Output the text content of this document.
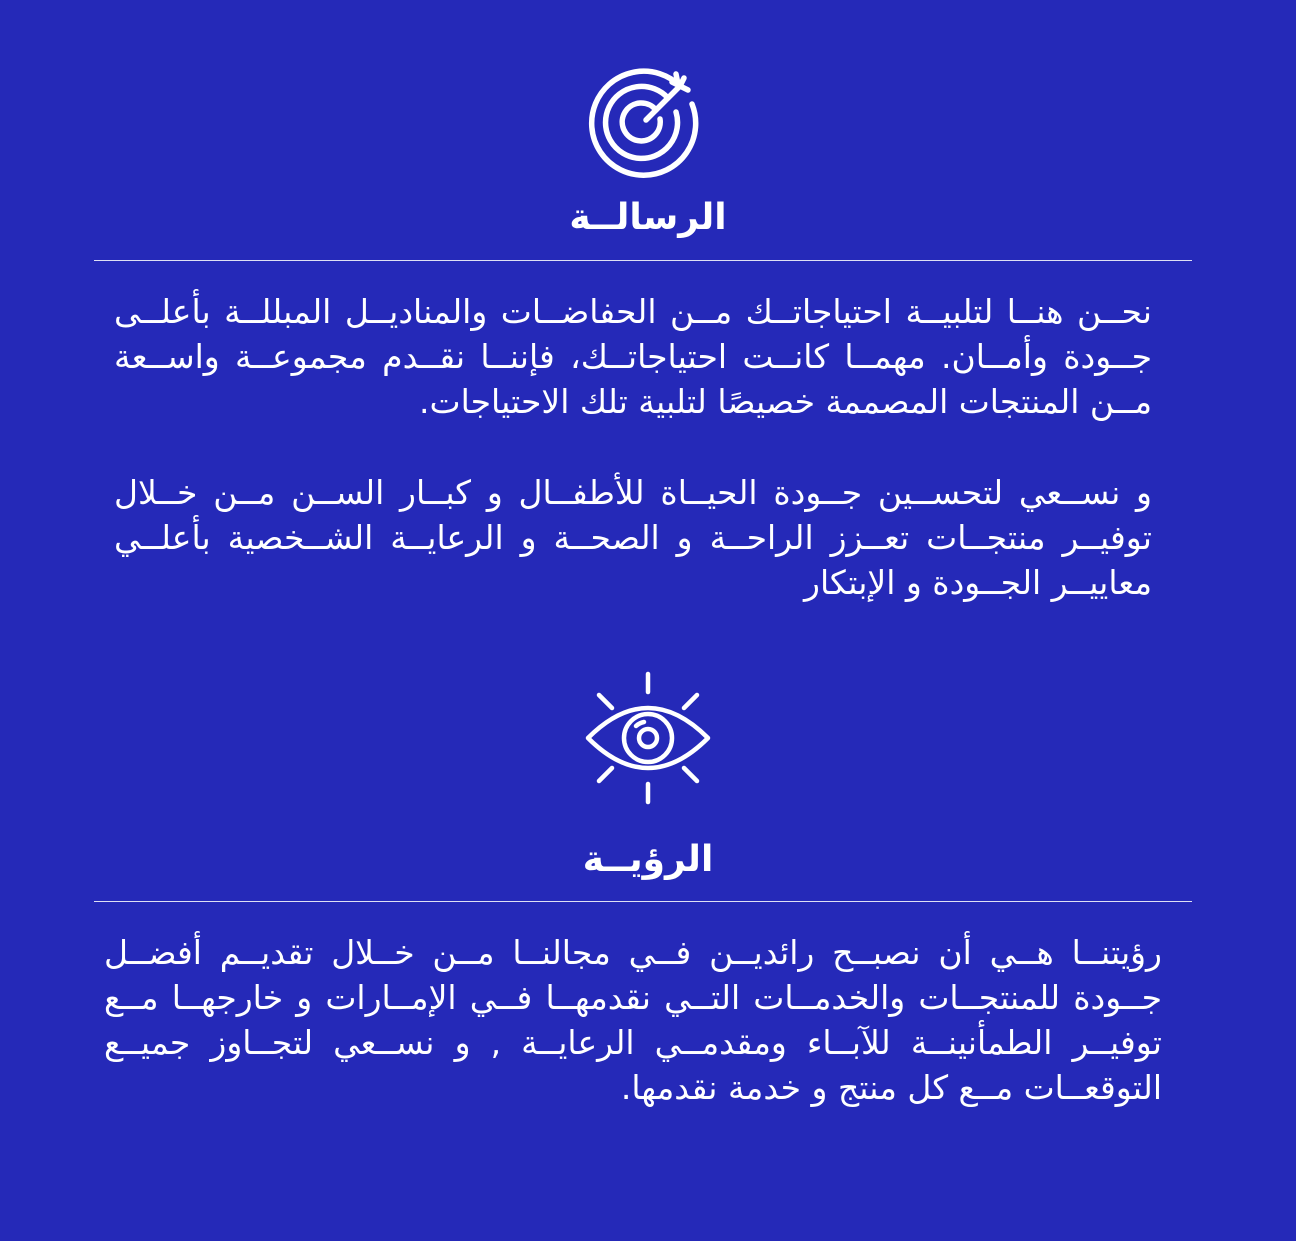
الرسالــة

نحــن هنــا لتلبيــة احتياجاتــك مــن الحفاضــات والمناديــل المبللــة بأعلــى جــودة وأمــان. مهمــا كانــت احتياجاتــك، فإننــا نقــدم مجموعــة واســعة مــن المنتجات المصممة خصيصًا لتلبية تلك الاحتياجات.

و نســعي لتحســين جــودة الحيــاة للأطفــال و كبــار الســن مــن خــلال توفيــر منتجــات تعــزز الراحــة و الصحــة و الرعايــة الشــخصية بأعلــي معاييــر الجــودة و الإبتكار

الرؤيــة

رؤيتنــا هــي أن نصبــح رائديــن فــي مجالنــا مــن خــلال تقديــم أفضــل جــودة للمنتجــات والخدمــات التــي نقدمهــا فــي الإمــارات و خارجهــا مــع توفيــر الطمأنينــة للآبــاء ومقدمــي الرعايــة , و نســعي لتجــاوز جميــع التوقعــات مــع كل منتج و خدمة نقدمها.
